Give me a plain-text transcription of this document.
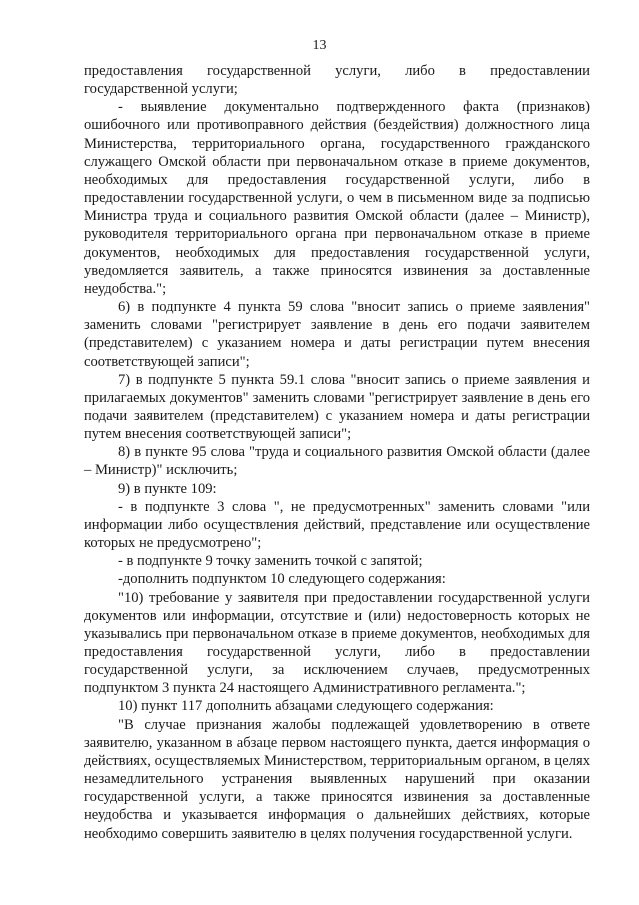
13

предоставления государственной услуги, либо в предоставлении государственной услуги;

- выявление документально подтвержденного факта (признаков) ошибочного или противоправного действия (бездействия) должностного лица Министерства, территориального органа, государственного гражданского служащего Омской области при первоначальном отказе в приеме документов, необходимых для предоставления государственной услуги, либо в предоставлении государственной услуги, о чем в письменном виде за подписью Министра труда и социального развития Омской области (далее – Министр), руководителя территориального органа при первоначальном отказе в приеме документов, необходимых для предоставления государственной услуги, уведомляется заявитель, а также приносятся извинения за доставленные неудобства.";

6) в подпункте 4 пункта 59 слова "вносит запись о приеме заявления" заменить словами "регистрирует заявление в день его подачи заявителем (представителем) с указанием номера и даты регистрации путем внесения соответствующей записи";

7) в подпункте 5 пункта 59.1 слова "вносит запись о приеме заявления и прилагаемых документов" заменить словами "регистрирует заявление в день его подачи заявителем (представителем) с указанием номера и даты регистрации путем внесения соответствующей записи";

8) в пункте 95 слова "труда и социального развития Омской области (далее – Министр)" исключить;

9) в пункте 109:

- в подпункте 3 слова ", не предусмотренных" заменить словами "или информации либо осуществления действий, представление или осуществление которых не предусмотрено";

- в подпункте 9 точку заменить точкой с запятой;

-дополнить подпунктом 10 следующего содержания:

"10) требование у заявителя при предоставлении государственной услуги документов или информации, отсутствие и (или) недостоверность которых не указывались при первоначальном отказе в приеме документов, необходимых для предоставления государственной услуги, либо в предоставлении государственной услуги, за исключением случаев, предусмотренных подпунктом 3 пункта 24 настоящего Административного регламента.";

10) пункт 117 дополнить абзацами следующего содержания:

"В случае признания жалобы подлежащей удовлетворению в ответе заявителю, указанном в абзаце первом настоящего пункта, дается информация о действиях, осуществляемых Министерством, территориальным органом, в целях незамедлительного устранения выявленных нарушений при оказании государственной услуги, а также приносятся извинения за доставленные неудобства и указывается информация о дальнейших действиях, которые необходимо совершить заявителю в целях получения государственной услуги.
